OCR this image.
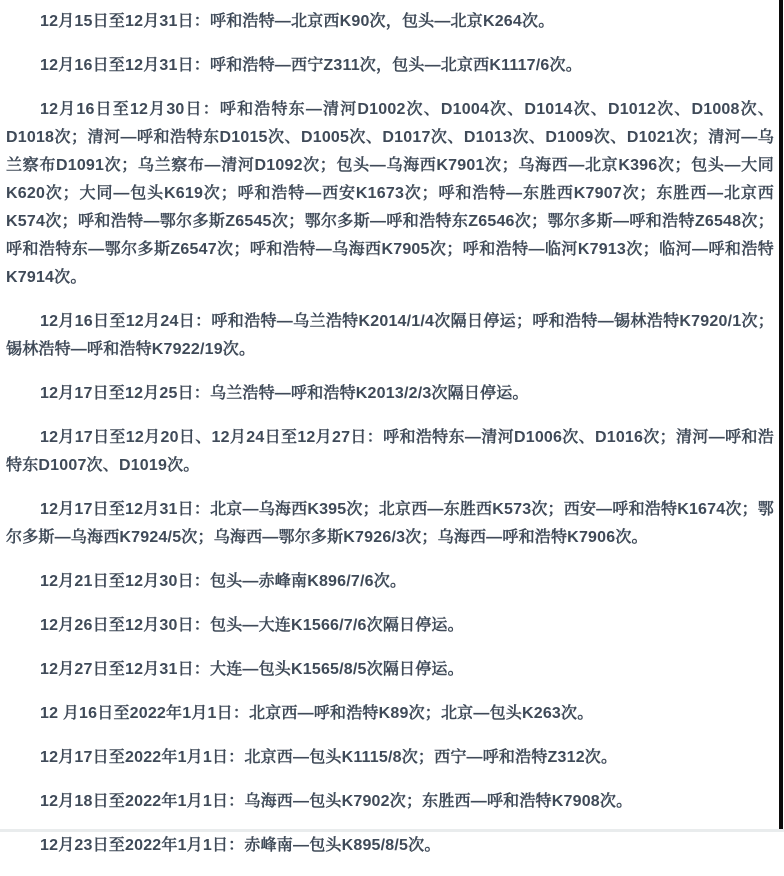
12月15日至12月31日：呼和浩特—北京西K90次，包头—北京K264次。

12月16日至12月31日：呼和浩特—西宁Z311次，包头—北京西K1117/6次。

12月16日至12月30日：呼和浩特东—清河D1002次、D1004次、D1014次、D1012次、D1008次、D1018次；清河—呼和浩特东D1015次、D1005次、D1017次、D1013次、D1009次、D1021次；清河—乌兰察布D1091次；乌兰察布—清河D1092次；包头—乌海西K7901次；乌海西—北京K396次；包头—大同K620次；大同—包头K619次；呼和浩特—西安K1673次；呼和浩特—东胜西K7907次；东胜西—北京西K574次；呼和浩特—鄂尔多斯Z6545次；鄂尔多斯—呼和浩特东Z6546次；鄂尔多斯—呼和浩特Z6548次；呼和浩特东—鄂尔多斯Z6547次；呼和浩特—乌海西K7905次；呼和浩特—临河K7913次；临河—呼和浩特K7914次。

12月16日至12月24日：呼和浩特—乌兰浩特K2014/1/4次隔日停运；呼和浩特—锡林浩特K7920/1次；锡林浩特—呼和浩特K7922/19次。

12月17日至12月25日：乌兰浩特—呼和浩特K2013/2/3次隔日停运。

12月17日至12月20日、12月24日至12月27日：呼和浩特东—清河D1006次、D1016次；清河—呼和浩特东D1007次、D1019次。

12月17日至12月31日：北京—乌海西K395次；北京西—东胜西K573次；西安—呼和浩特K1674次；鄂尔多斯—乌海西K7924/5次；乌海西—鄂尔多斯K7926/3次；乌海西—呼和浩特K7906次。

12月21日至12月30日：包头—赤峰南K896/7/6次。

12月26日至12月30日：包头—大连K1566/7/6次隔日停运。

12月27日至12月31日：大连—包头K1565/8/5次隔日停运。

12 月16日至2022年1月1日：北京西—呼和浩特K89次；北京—包头K263次。

12月17日至2022年1月1日：北京西—包头K1115/8次；西宁—呼和浩特Z312次。

12月18日至2022年1月1日：乌海西—包头K7902次；东胜西—呼和浩特K7908次。

12月23日至2022年1月1日：赤峰南—包头K895/8/5次。
